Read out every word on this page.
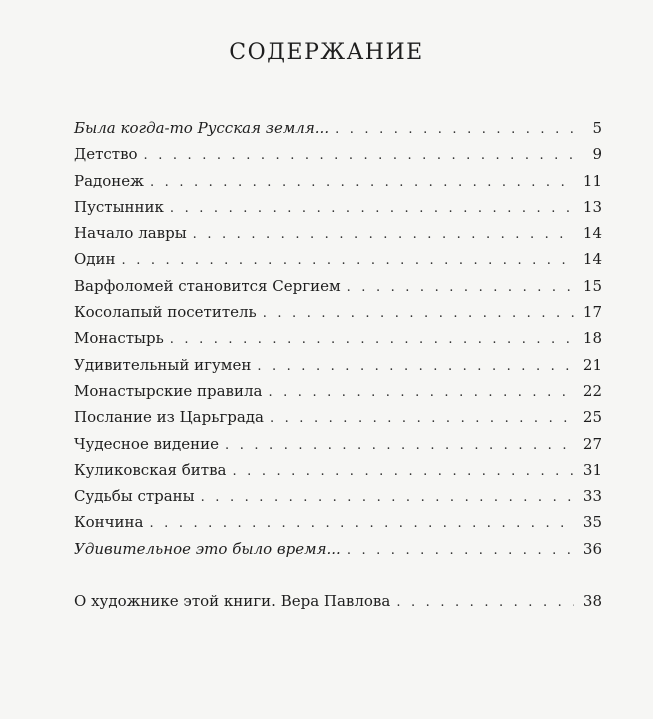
СОДЕРЖАНИЕ
Была когда-то Русская земля... . . .	5
Детство . . .	9
Радонеж . . .	11
Пустынник . . .	13
Начало лавры . . .	14
Один . . .	14
Варфоломей становится Сергием . . .	15
Косолапый посетитель . . .	17
Монастырь . . .	18
Удивительный игумен . . .	21
Монастырские правила . . .	22
Послание из Царьграда . . .	25
Чудесное видение . . .	27
Куликовская битва . . .	31
Судьбы страны . . .	33
Кончина . . .	35
Удивительное это было время... . . .	36
О художнике этой книги. Вера Павлова . . .	38
